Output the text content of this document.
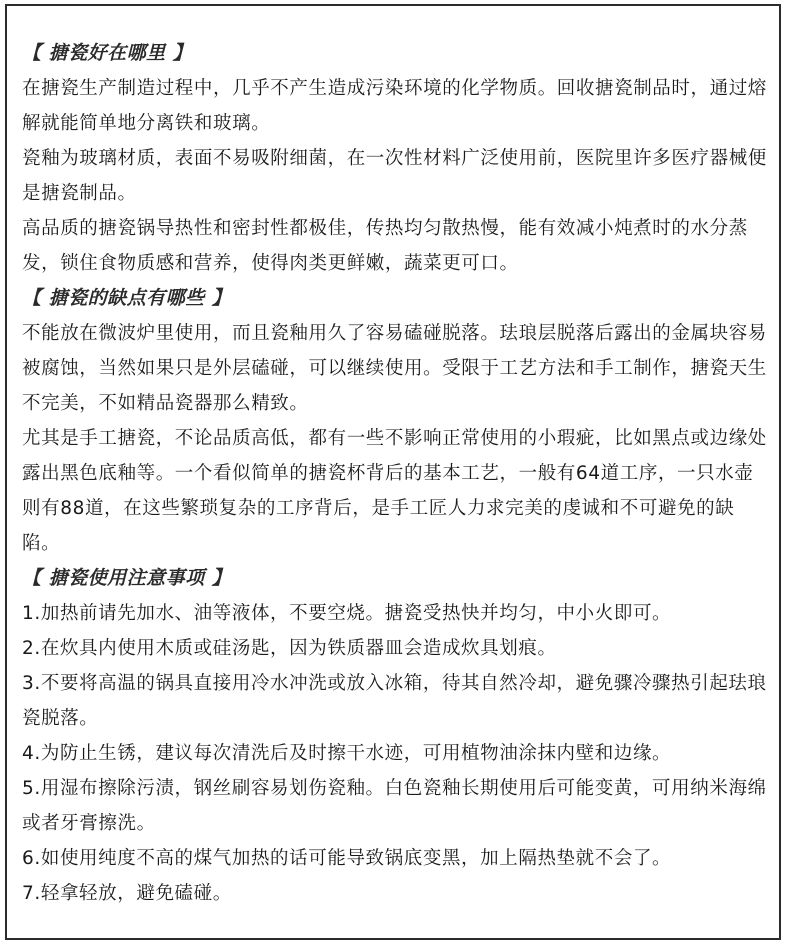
【 搪瓷好在哪里 】
在搪瓷生产制造过程中，几乎不产生造成污染环境的化学物质。回收搪瓷制品时，通过熔解就能简单地分离铁和玻璃。
瓷釉为玻璃材质，表面不易吸附细菌，在一次性材料广泛使用前，医院里许多医疗器械便是搪瓷制品。
高品质的搪瓷锅导热性和密封性都极佳，传热均匀散热慢，能有效减小炖煮时的水分蒸发，锁住食物质感和营养，使得肉类更鲜嫩，蔬菜更可口。
【 搪瓷的缺点有哪些 】
不能放在微波炉里使用，而且瓷釉用久了容易磕碰脱落。珐琅层脱落后露出的金属块容易被腐蚀，当然如果只是外层磕碰，可以继续使用。受限于工艺方法和手工制作，搪瓷天生不完美，不如精品瓷器那么精致。
尤其是手工搪瓷，不论品质高低，都有一些不影响正常使用的小瑕疵，比如黑点或边缘处露出黑色底釉等。一个看似简单的搪瓷杯背后的基本工艺，一般有64道工序，一只水壶则有88道，在这些繁琐复杂的工序背后，是手工匠人力求完美的虔诚和不可避免的缺陷。
【 搪瓷使用注意事项 】
1.加热前请先加水、油等液体，不要空烧。搪瓷受热快并均匀，中小火即可。
2.在炊具内使用木质或硅汤匙，因为铁质器皿会造成炊具划痕。
3.不要将高温的锅具直接用冷水冲洗或放入冰箱，待其自然冷却，避免骤冷骤热引起珐琅瓷脱落。
4.为防止生锈，建议每次清洗后及时擦干水迹，可用植物油涂抹内壁和边缘。
5.用湿布擦除污渍，钢丝刷容易划伤瓷釉。白色瓷釉长期使用后可能变黄，可用纳米海绵或者牙膏擦洗。
6.如使用纯度不高的煤气加热的话可能导致锅底变黑，加上隔热垫就不会了。
7.轻拿轻放，避免磕碰。
